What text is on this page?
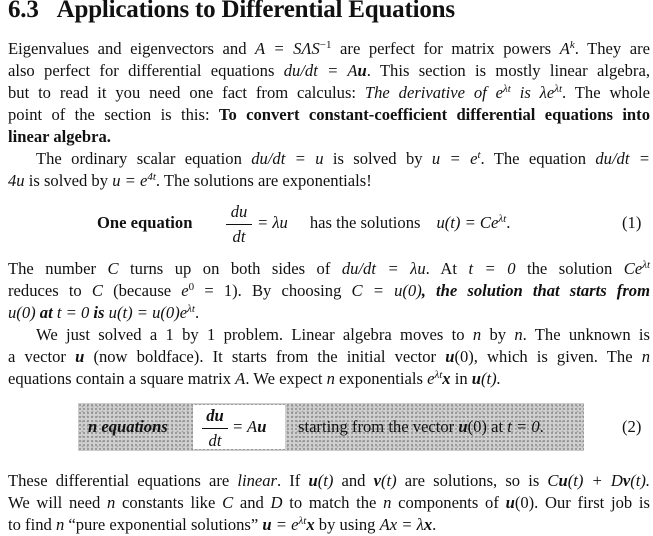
6.3 Applications to Differential Equations
Eigenvalues and eigenvectors and $A = S\Lambda S^{-1}$ are perfect for matrix powers $A^k$. They are
also perfect for differential equations du/dt = Au. This section is mostly linear algebra,
but to read it you need one fact from calculus: The derivative of $e^{\lambda t}$ is $\lambda e^{\lambda t}$. The whole
point of the section is this: To convert constant-coefficient differential equations into
linear algebra.
The ordinary scalar equation du/dt = u is solved by $u = e^t$. The equation du/dt =
4u is solved by $u = e^{4t}$. The solutions are exponentials!
One equation
du
dt
= λu has the solutions $u(t) = Ce^{\lambda t}$.	(1)
The number C turns up on both sides of du/dt = λu. At t = 0 the solution $Ce^{\lambda t}$
reduces to C (because $e^0 = 1$). By choosing C = u(0), the solution that starts from
u(0) at t = 0 is $u(t) = u(0)e^{\lambda t}$.
We just solved a 1 by 1 problem. Linear algebra moves to n by n. The unknown is
a vector u (now boldface). It starts from the initial vector u(0), which is given. The n
equations contain a square matrix A. We expect n exponentials $e^{\lambda t}x$ in u(t).
n equations
du
dt
= Au starting from the vector u(0) at t = 0.	(2)
These differential equations are linear. If u(t) and v(t) are solutions, so is Cu(t) + Dv(t).
We will need n constants like C and D to match the n components of u(0). Our first job is
to find n “pure exponential solutions” $u = e^{\lambda t}x$ by using Ax = λx.
